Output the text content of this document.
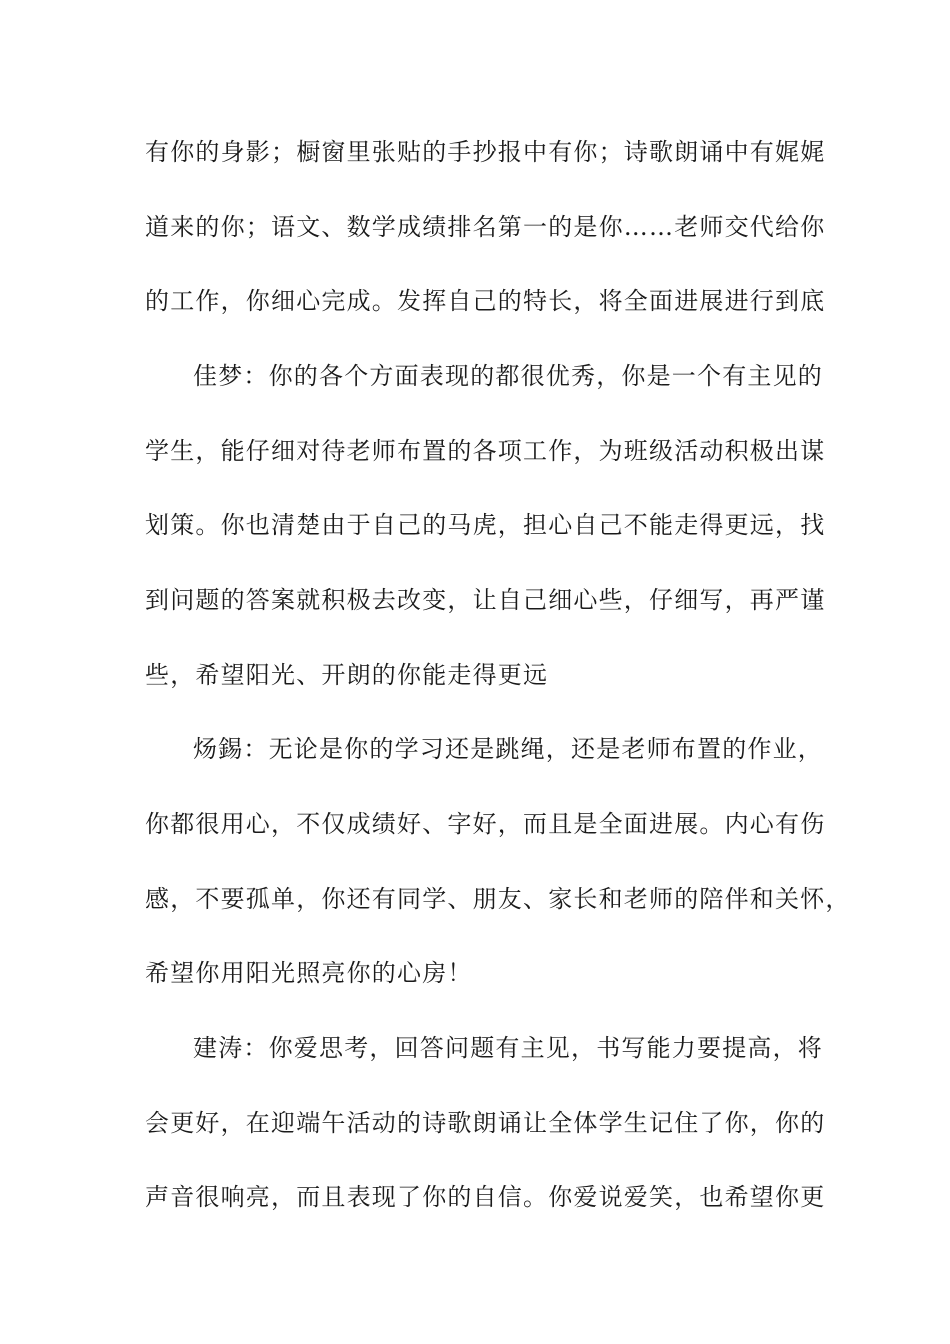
有你的身影；橱窗里张贴的手抄报中有你；诗歌朗诵中有娓娓
道来的你；语文、数学成绩排名第一的是你……老师交代给你
的工作，你细心完成。发挥自己的特长，将全面进展进行到底
佳梦：你的各个方面表现的都很优秀，你是一个有主见的
学生，能仔细对待老师布置的各项工作，为班级活动积极出谋
划策。你也清楚由于自己的马虎，担心自己不能走得更远，找
到问题的答案就积极去改变，让自己细心些，仔细写，再严谨
些，希望阳光、开朗的你能走得更远
炀錫：无论是你的学习还是跳绳，还是老师布置的作业，
你都很用心，不仅成绩好、字好，而且是全面进展。内心有伤
感，不要孤单，你还有同学、朋友、家长和老师的陪伴和关怀，
希望你用阳光照亮你的心房！
建涛：你爱思考，回答问题有主见，书写能力要提高，将
会更好，在迎端午活动的诗歌朗诵让全体学生记住了你，你的
声音很响亮，而且表现了你的自信。你爱说爱笑，也希望你更
